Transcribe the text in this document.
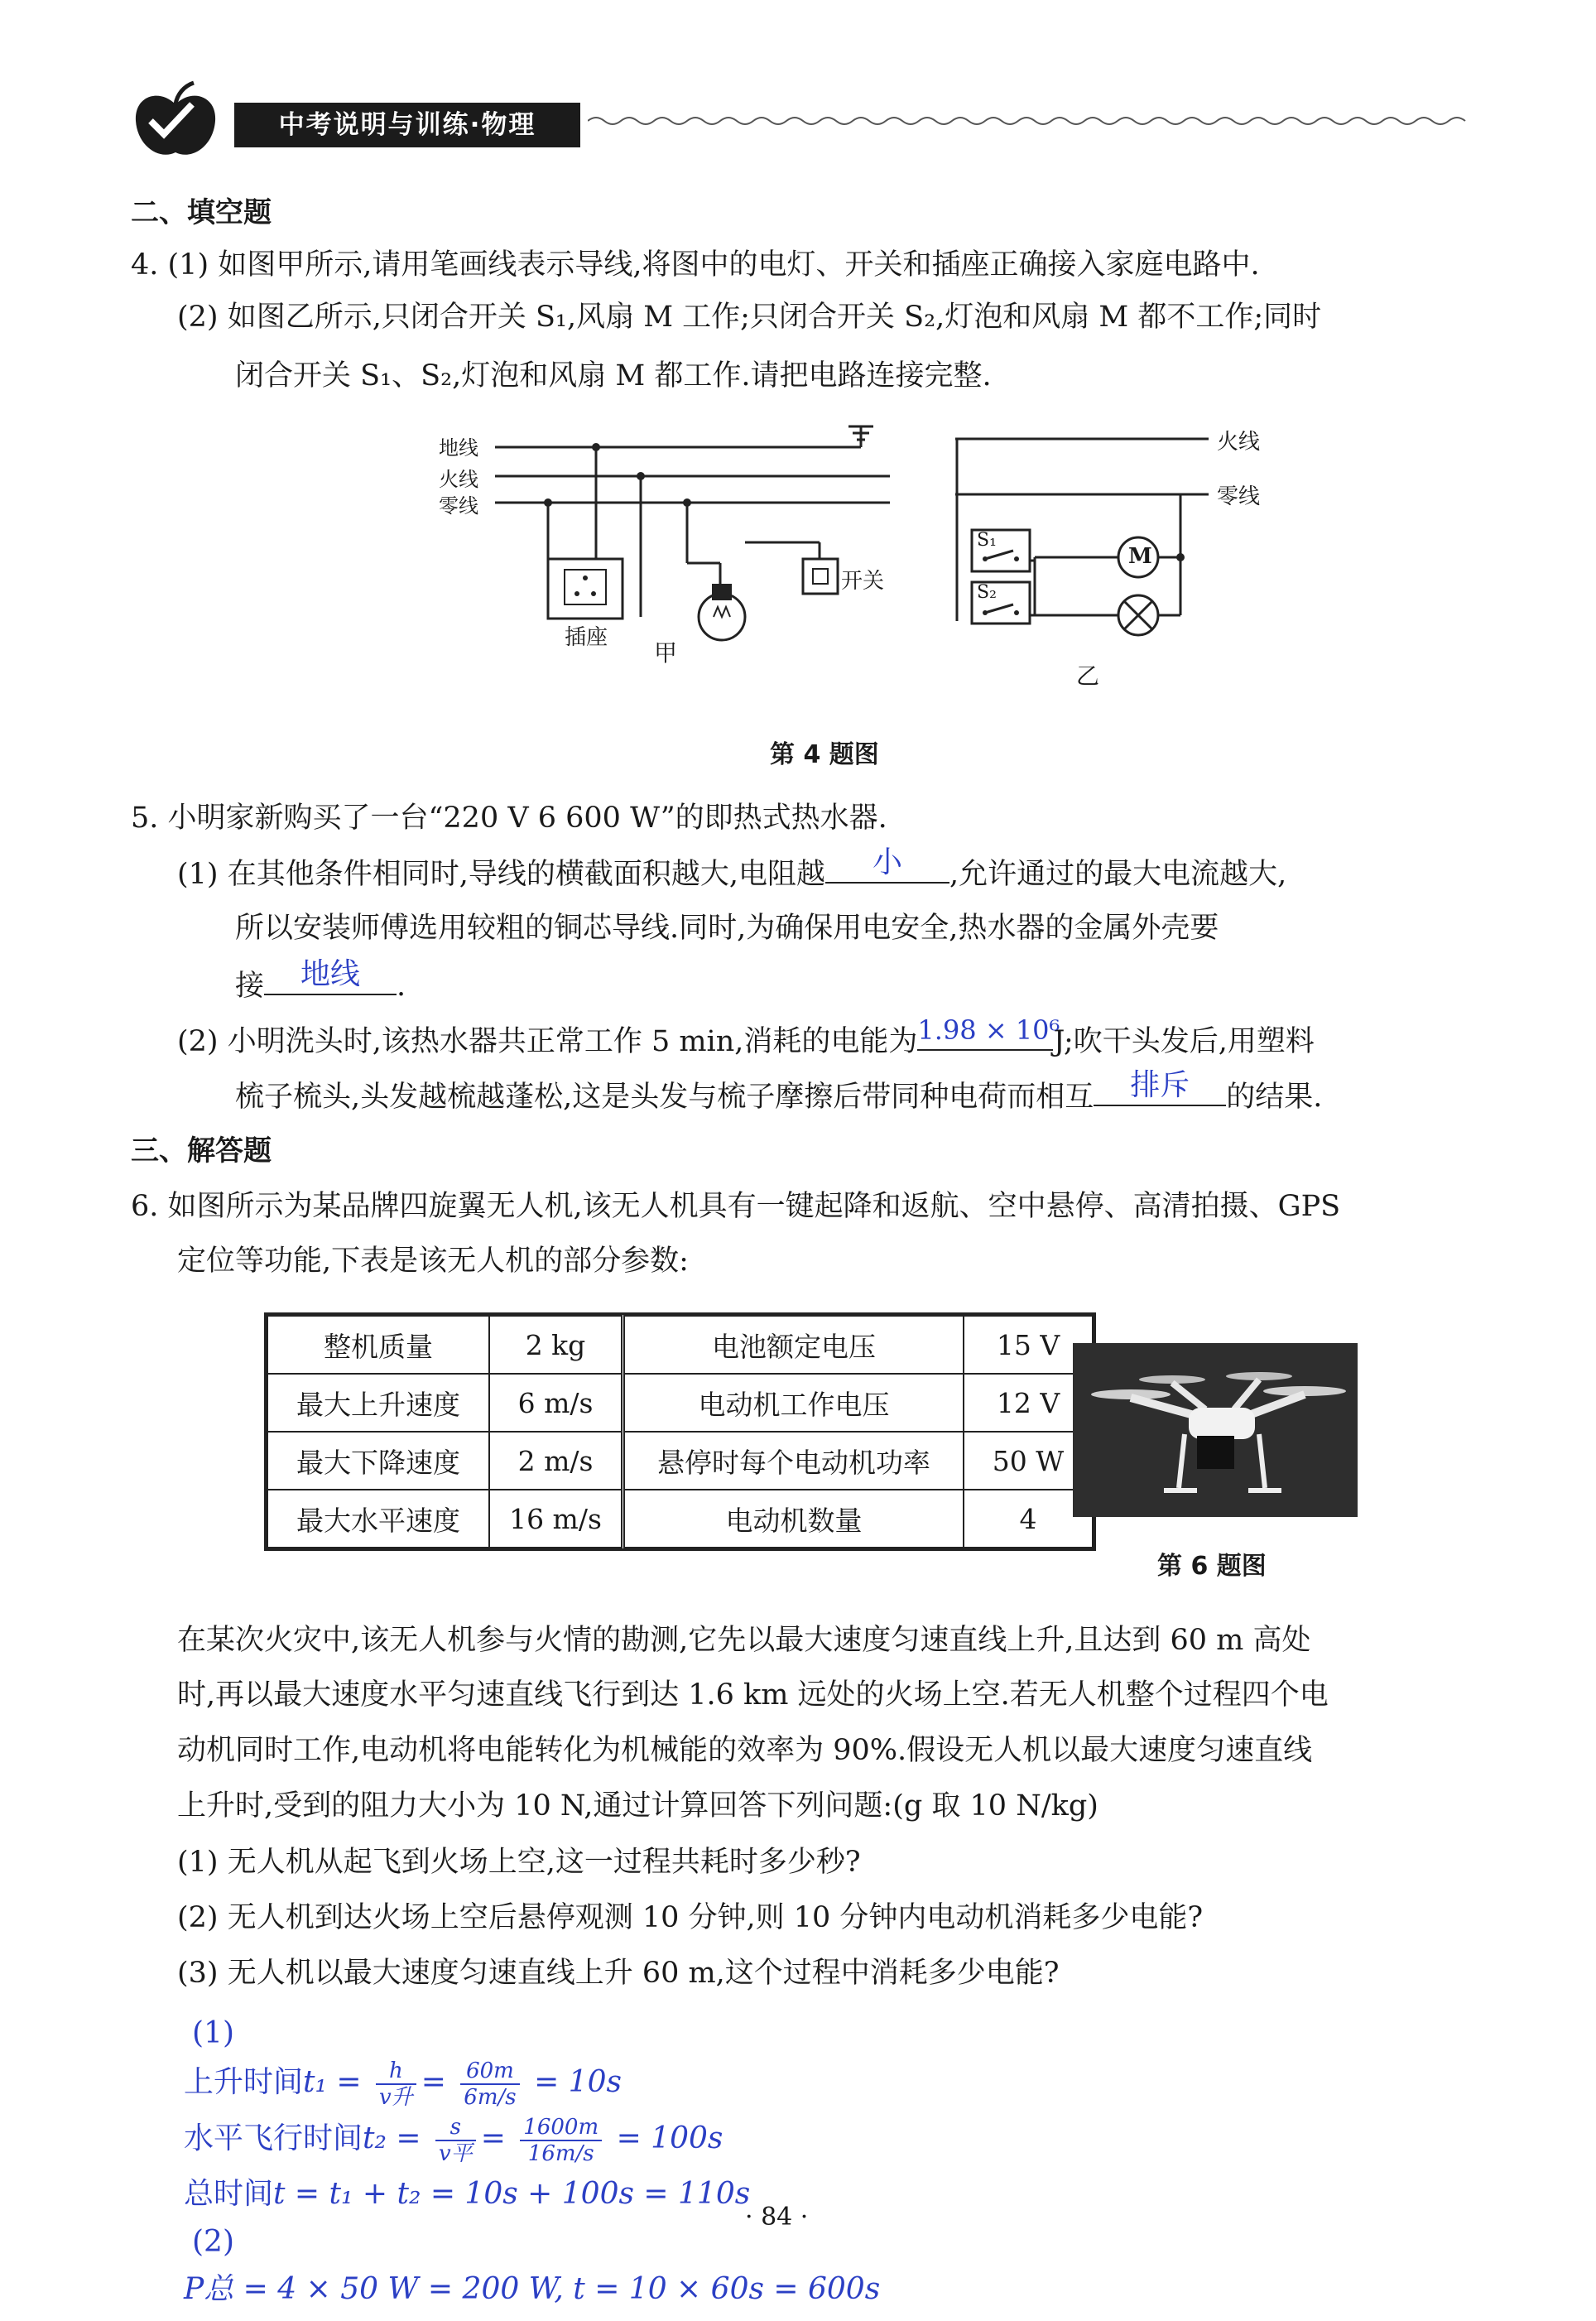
中考说明与训练·物理
二、填空题
4. (1) 如图甲所示,请用笔画线表示导线,将图中的电灯、开关和插座正确接入家庭电路中.
(2) 如图乙所示,只闭合开关 S₁,风扇 M 工作;只闭合开关 S₂,灯泡和风扇 M 都不工作;同时
闭合开关 S₁、S₂,灯泡和风扇 M 都工作.请把电路连接完整.
地线
火线
零线
插座
开关
甲
火线
零线
S₁
S₂
M
乙
第 4 题图
5. 小明家新购买了一台“220 V 6 600 W”的即热式热水器.
(1) 在其他条件相同时,导线的横截面积越大,电阻越	小	,允许通过的最大电流越大,
所以安装师傅选用较粗的铜芯导线.同时,为确保用电安全,热水器的金属外壳要
接	地线	.
(2) 小明洗头时,该热水器共正常工作 5 min,消耗的电能为 1.98 × 10⁶
J;吹干头发后,用塑料
梳子梳头,头发越梳越蓬松,这是头发与梳子摩擦后带同种电荷而相互	排斥	的结果.
三、解答题
6. 如图所示为某品牌四旋翼无人机,该无人机具有一键起降和返航、空中悬停、高清拍摄、GPS
定位等功能,下表是该无人机的部分参数:
整机质量	2 kg	电池额定电压	15 V
最大上升速度	6 m/s	电动机工作电压	12 V
最大下降速度	2 m/s	悬停时每个电动机功率	50 W
最大水平速度	16 m/s	电动机数量	4
第 6 题图
在某次火灾中,该无人机参与火情的勘测,它先以最大速度匀速直线上升,且达到 60 m 高处
时,再以最大速度水平匀速直线飞行到达 1.6 km 远处的火场上空.若无人机整个过程四个电
动机同时工作,电动机将电能转化为机械能的效率为 90%.假设无人机以最大速度匀速直线
上升时,受到的阻力大小为 10 N,通过计算回答下列问题:(g 取 10 N/kg)
(1) 无人机从起飞到火场上空,这一过程共耗时多少秒?
(2) 无人机到达火场上空后悬停观测 10 分钟,则 10 分钟内电动机消耗多少电能?
(3) 无人机以最大速度匀速直线上升 60 m,这个过程中消耗多少电能?
(1)
上升时间$t_1 = \frac{h}{\text{v升}} = \frac{60m}{6m/s} = 10s$
水平飞行时间$t_2 = \frac{s}{\text{v平}} = \frac{1600m}{16m/s} = 100s$
总时间t = t₁ + t₂ = 10s + 100s = 110s
(2)
P总 = 4 × 50 W = 200 W, t = 10 × 60s = 600s
· 84 ·
